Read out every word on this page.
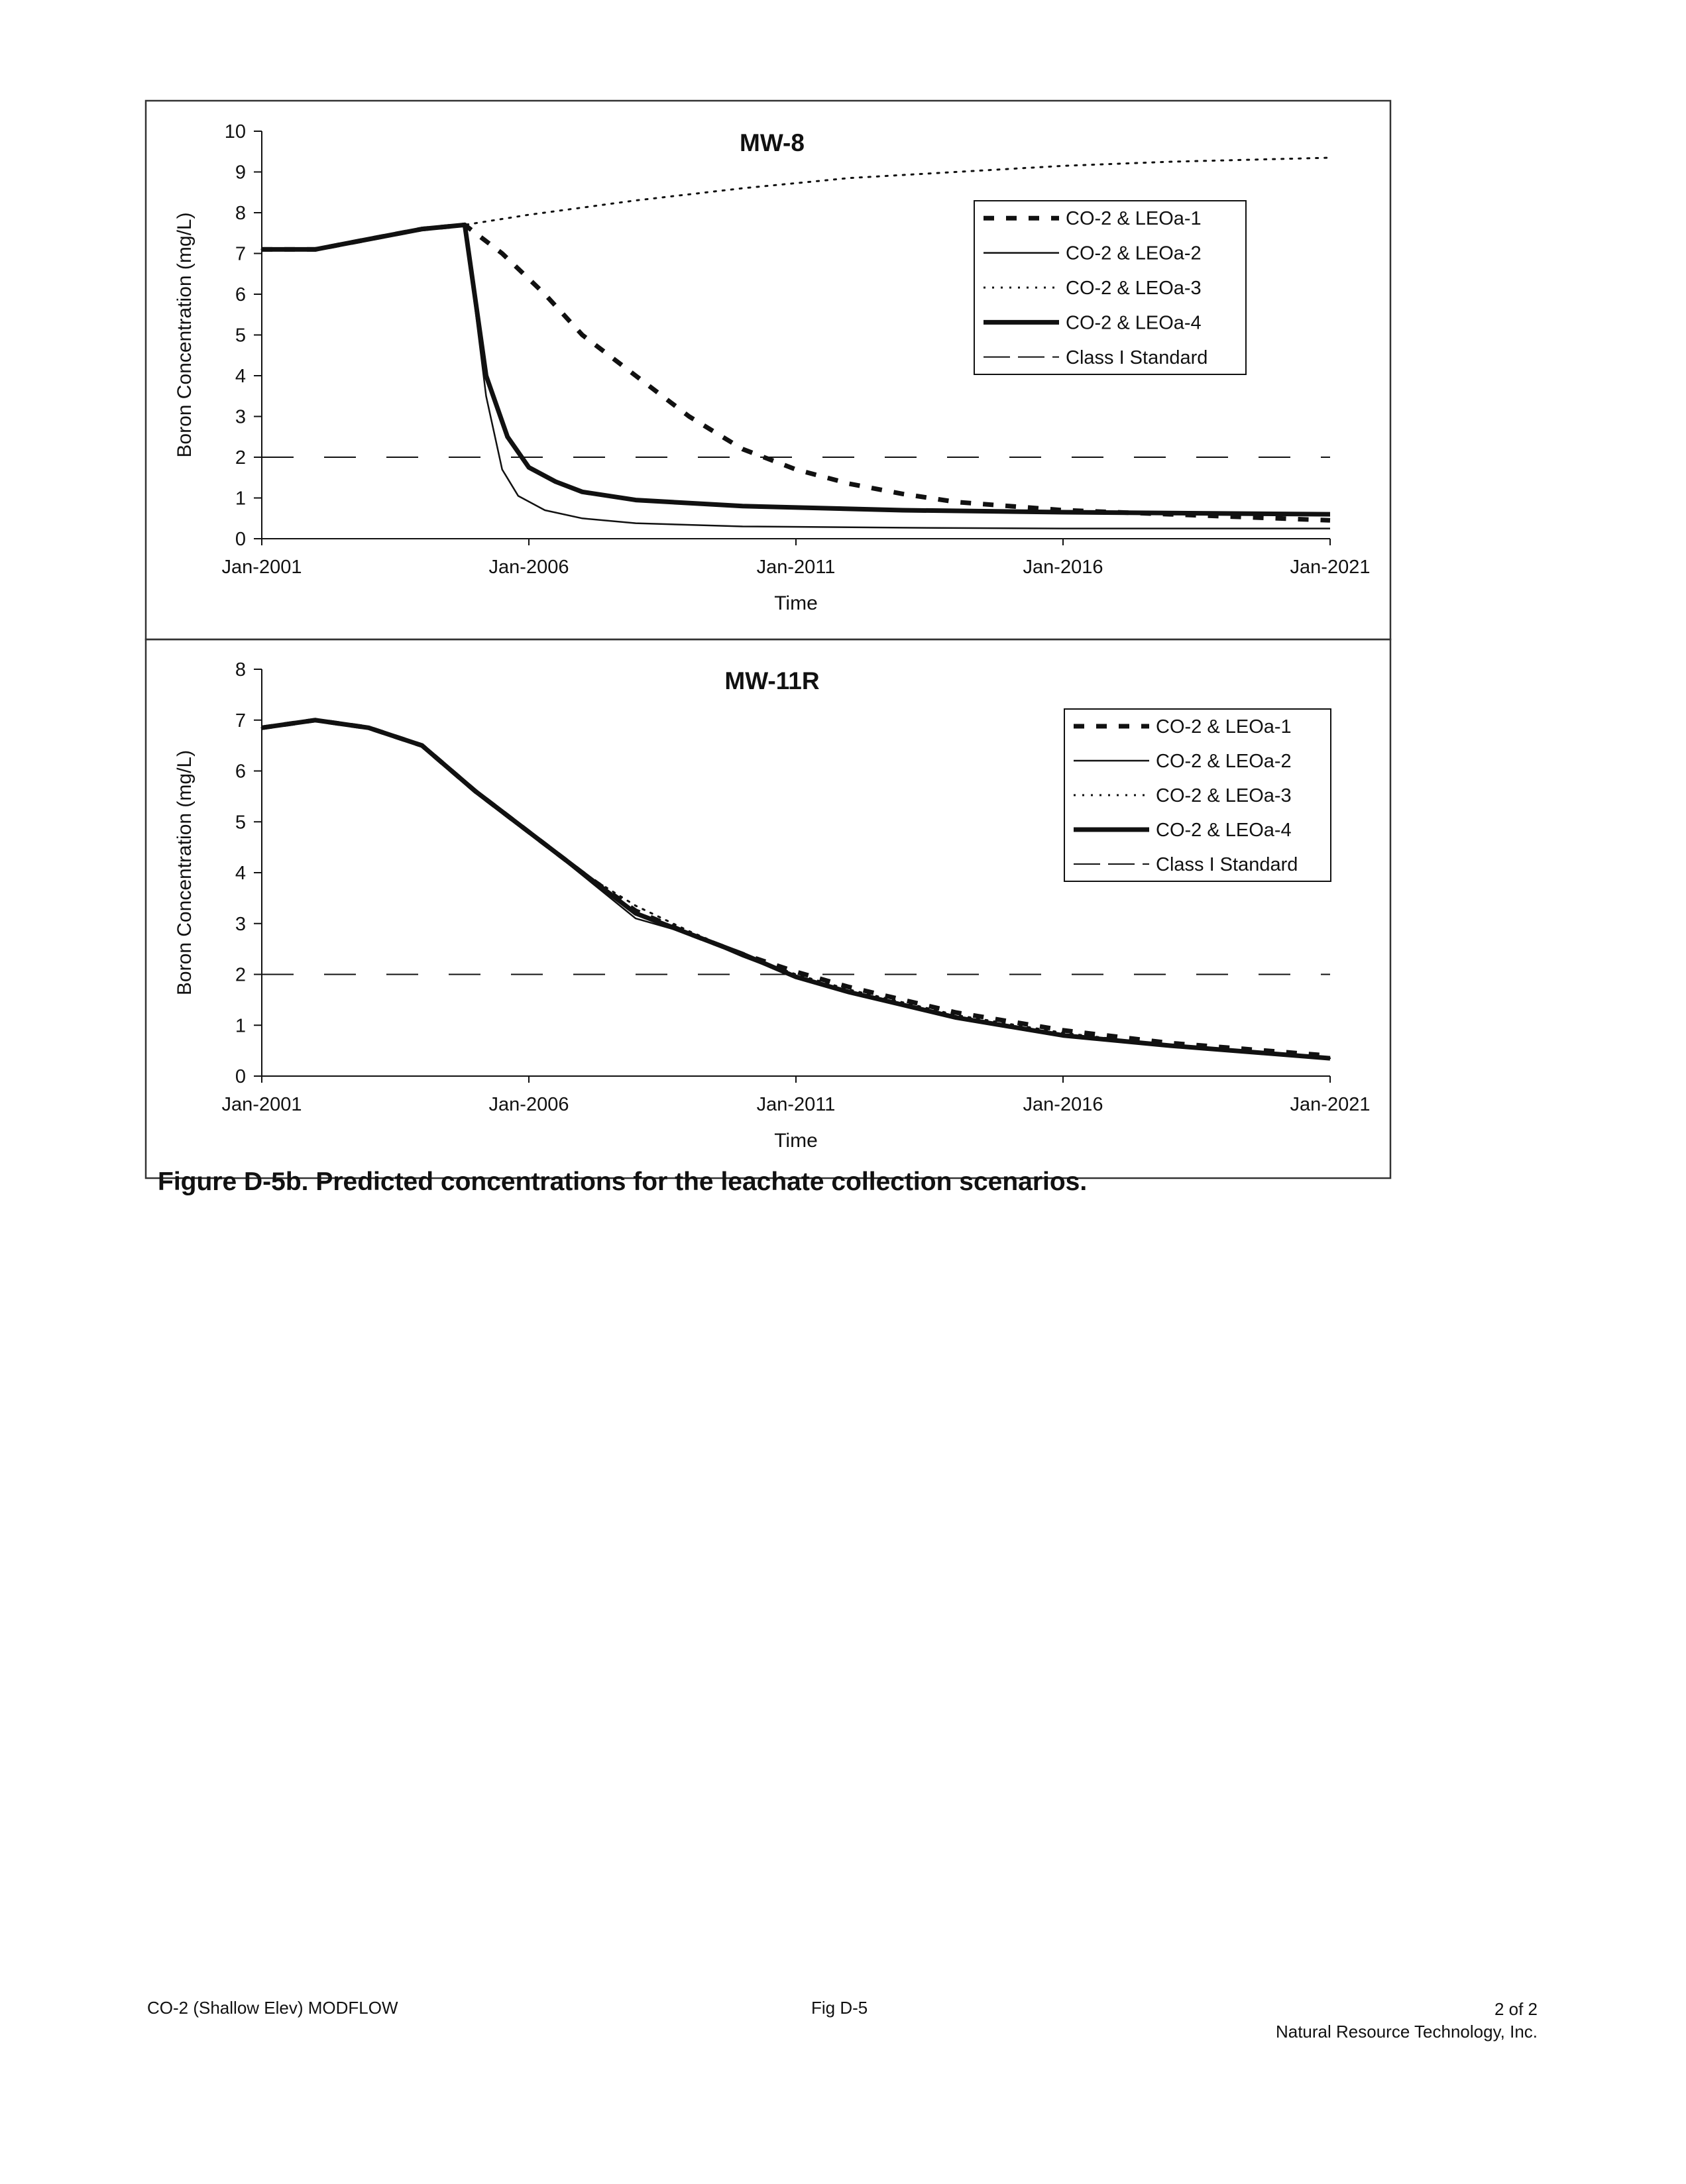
0
1
2
3
4
5
6
7
8
9
10
Jan-2001	Jan-2006	Jan-2011	Jan-2016	Jan-2021
Time
Boron Concentration (mg/L)
MW-8
CO-2 & LEOa-1
CO-2 & LEOa-2
CO-2 & LEOa-3
CO-2 & LEOa-4
Class I Standard
0
1
2
3
4
5
6
7
8
Jan-2001	Jan-2006	Jan-2011	Jan-2016	Jan-2021
Time
Boron Concentration (mg/L)
MW-11R
CO-2 & LEOa-1
CO-2 & LEOa-2
CO-2 & LEOa-3
CO-2 & LEOa-4
Class I Standard
Figure D-5b. Predicted concentrations for the leachate collection scenarios.
CO-2 (Shallow Elev) MODFLOW	Fig D-5	2 of 2
Natural Resource Technology, Inc.
